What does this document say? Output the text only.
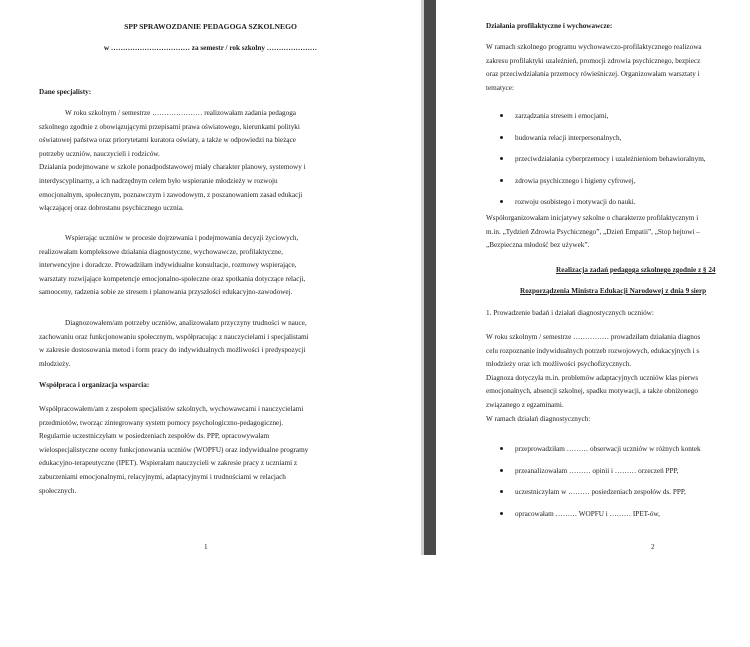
SPP SPRAWOZDANIE PEDAGOGA SZKOLNEGO
w …………………………… za semestr / rok szkolny …………………
Dane specjalisty:
W roku szkolnym / semestrze ………………… realizowałam zadania pedagoga
szkolnego zgodnie z obowiązującymi przepisami prawa oświatowego, kierunkami polityki
oświatowej państwa oraz priorytetami kuratora oświaty, a także w odpowiedzi na bieżące
potrzeby uczniów, nauczycieli i rodziców.
Działania podejmowane w szkole ponadpodstawowej miały charakter planowy, systemowy i
interdyscyplinarny, a ich nadrzędnym celem było wspieranie młodzieży w rozwoju
emocjonalnym, społecznym, poznawczym i zawodowym, z poszanowaniem zasad edukacji
włączającej oraz dobrostanu psychicznego ucznia.
Wspierając uczniów w procesie dojrzewania i podejmowania decyzji życiowych,
realizowałam kompleksowe działania diagnostyczne, wychowawcze, profilaktyczne,
interwencyjne i doradcze. Prowadziłam indywidualne konsultacje, rozmowy wspierające,
warsztaty rozwijające kompetencje emocjonalno-społeczne oraz spotkania dotyczące relacji,
samooceny, radzenia sobie ze stresem i planowania przyszłości edukacyjno-zawodowej.
Diagnozowałem/am potrzeby uczniów, analizowałam przyczyny trudności w nauce,
zachowaniu oraz funkcjonowaniu społecznym, współpracując z nauczycielami i specjalistami
w zakresie dostosowania metod i form pracy do indywidualnych możliwości i predyspozycji
młodzieży.
Współpraca i organizacja wsparcia:
Współpracowałem/am z zespołem specjalistów szkolnych, wychowawcami i nauczycielami
przedmiotów, tworząc zintegrowany system pomocy psychologiczno-pedagogicznej.
Regularnie uczestniczyłam w posiedzeniach zespołów ds. PPP, opracowywałam
wielospecjalistyczne oceny funkcjonowania uczniów (WOPFU) oraz indywidualne programy
edukacyjno-terapeutyczne (IPET). Wspierałam nauczycieli w zakresie pracy z uczniami z
zaburzeniami emocjonalnymi, relacyjnymi, adaptacyjnymi i trudnościami w relacjach
społecznych.
1
Działania profilaktyczne i wychowawcze:
W ramach szkolnego programu wychowawczo-profilaktycznego realizowa
zakresu profilaktyki uzależnień, promocji zdrowia psychicznego, bezpiecz
oraz przeciwdziałania przemocy rówieśniczej. Organizowałam warsztaty i
tematyce:
zarządzania stresem i emocjami,
budowania relacji interpersonalnych,
przeciwdziałania cyberprzemocy i uzależnieniom behawioralnym,
zdrowia psychicznego i higieny cyfrowej,
rozwoju osobistego i motywacji do nauki.
Współorganizowałam inicjatywy szkolne o charakterze profilaktycznym i
m.in. „Tydzień Zdrowia Psychicznego”, „Dzień Empatii”, „Stop hejtowi –
„Bezpieczna młodość bez używek”.
Realizacja zadań pedagoga szkolnego zgodnie z § 24
Rozporządzenia Ministra Edukacji Narodowej z dnia 9 sierp
1. Prowadzenie badań i działań diagnostycznych uczniów:
W roku szkolnym / semestrze …………… prowadziłam działania diagnos
celu rozpoznanie indywidualnych potrzeb rozwojowych, edukacyjnych i s
młodzieży oraz ich możliwości psychofizycznych.
Diagnoza dotyczyła m.in. problemów adaptacyjnych uczniów klas pierws
emocjonalnych, absencji szkolnej, spadku motywacji, a także obniżonego
związanego z egzaminami.
W ramach działań diagnostycznych:
przeprowadziłam ……… obserwacji uczniów w różnych kontek
przeanalizowałam ……… opinii i ……… orzeczeń PPP,
uczestniczyłam w ……… posiedzeniach zespołów ds. PPP,
opracowałam ……… WOPFU i ……… IPET-ów,
2
